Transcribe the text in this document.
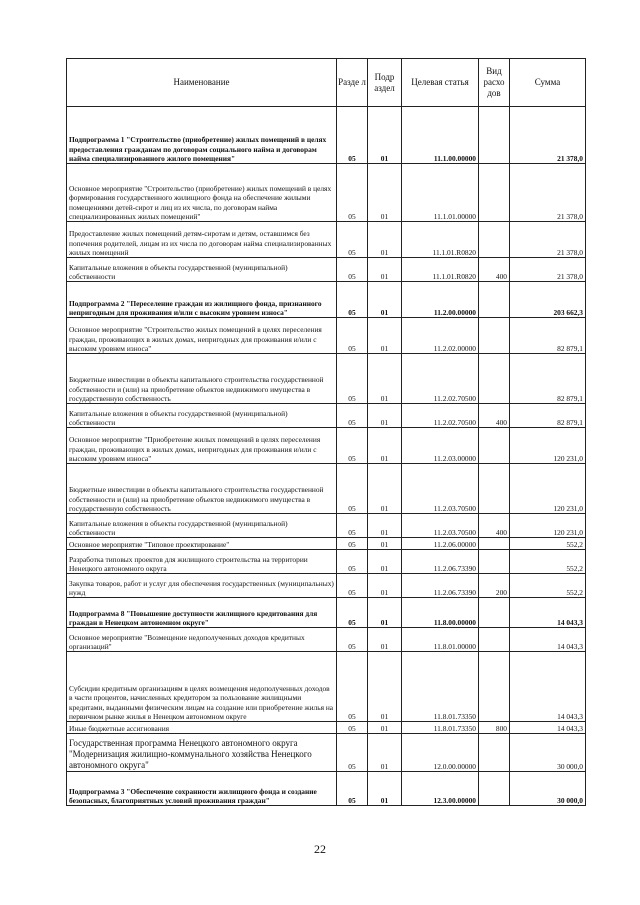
Наименование	Разде л	Подр аздел	Целевая статья	Вид расхо дов	Сумма
Подпрограмма 1 "Строительство (приобретение) жилых помещений в целях предоставления гражданам по договорам социального найма и договорам найма специализированного жилого помещения"	05	01	11.1.00.00000		21 378,0
Основное мероприятие "Строительство (приобретение) жилых помещений в целях формирования государственного жилищного фонда на обеспечение жилыми помещениями детей-сирот и лиц из их числа, по договорам найма специализированных жилых помещений"	05	01	11.1.01.00000		21 378,0
Предоставление жилых помещений детям-сиротам и детям, оставшимся без попечения родителей, лицам из их числа по договорам найма специализированных жилых помещений	05	01	11.1.01.R0820		21 378,0
Капитальные вложения в объекты государственной (муниципальной) собственности	05	01	11.1.01.R0820	400	21 378,0
Подпрограмма 2 "Переселение граждан из жилищного фонда, признанного непригодным для проживания и/или с высоким уровнем износа"	05	01	11.2.00.00000		203 662,3
Основное мероприятие "Строительство жилых помещений в целях переселения граждан, проживающих в жилых домах, непригодных для проживания и/или с высоким уровнем износа"	05	01	11.2.02.00000		82 879,1
Бюджетные инвестиции в объекты капитального строительства государственной собственности и (или) на приобретение объектов недвижимого имущества в государственную собственность	05	01	11.2.02.70500		82 879,1
Капитальные вложения в объекты государственной (муниципальной) собственности	05	01	11.2.02.70500	400	82 879,1
Основное мероприятие "Приобретение жилых помещений в целях переселения граждан, проживающих в жилых домах, непригодных для проживания и/или с высоким уровнем износа"	05	01	11.2.03.00000		120 231,0
Бюджетные инвестиции в объекты капитального строительства государственной собственности и (или) на приобретение объектов недвижимого имущества в государственную собственность	05	01	11.2.03.70500		120 231,0
Капитальные вложения в объекты государственной (муниципальной) собственности	05	01	11.2.03.70500	400	120 231,0
Основное мероприятие "Типовое проектирование"	05	01	11.2.06.00000		552,2
Разработка типовых проектов для жилищного строительства на территории Ненецкого автономного округа	05	01	11.2.06.73390		552,2
Закупка товаров, работ и услуг для обеспечения государственных (муниципальных) нужд	05	01	11.2.06.73390	200	552,2
Подпрограмма 8 "Повышение доступности жилищного кредитования для граждан в Ненецком автономном округе"	05	01	11.8.00.00000		14 043,3
Основное мероприятие "Возмещение недополученных доходов кредитных организаций"	05	01	11.8.01.00000		14 043,3
Субсидии кредитным организациям в целях возмещения недополученных доходов в части процентов, начисленных кредитором за пользование жилищными кредитами, выданными физическим лицам на создание или приобретение жилья на первичном рынке жилья в Ненецком автономном округе	05	01	11.8.01.73350		14 043,3
Иные бюджетные ассигнования	05	01	11.8.01.73350	800	14 043,3
Государственная программа Ненецкого автономного округа "Модернизация жилищно-коммунального хозяйства Ненецкого автономного округа"	05	01	12.0.00.00000		30 000,0
Подпрограмма 3 "Обеспечение сохранности жилищного фонда и создание безопасных, благоприятных условий проживания граждан"	05	01	12.3.00.00000		30 000,0
22
